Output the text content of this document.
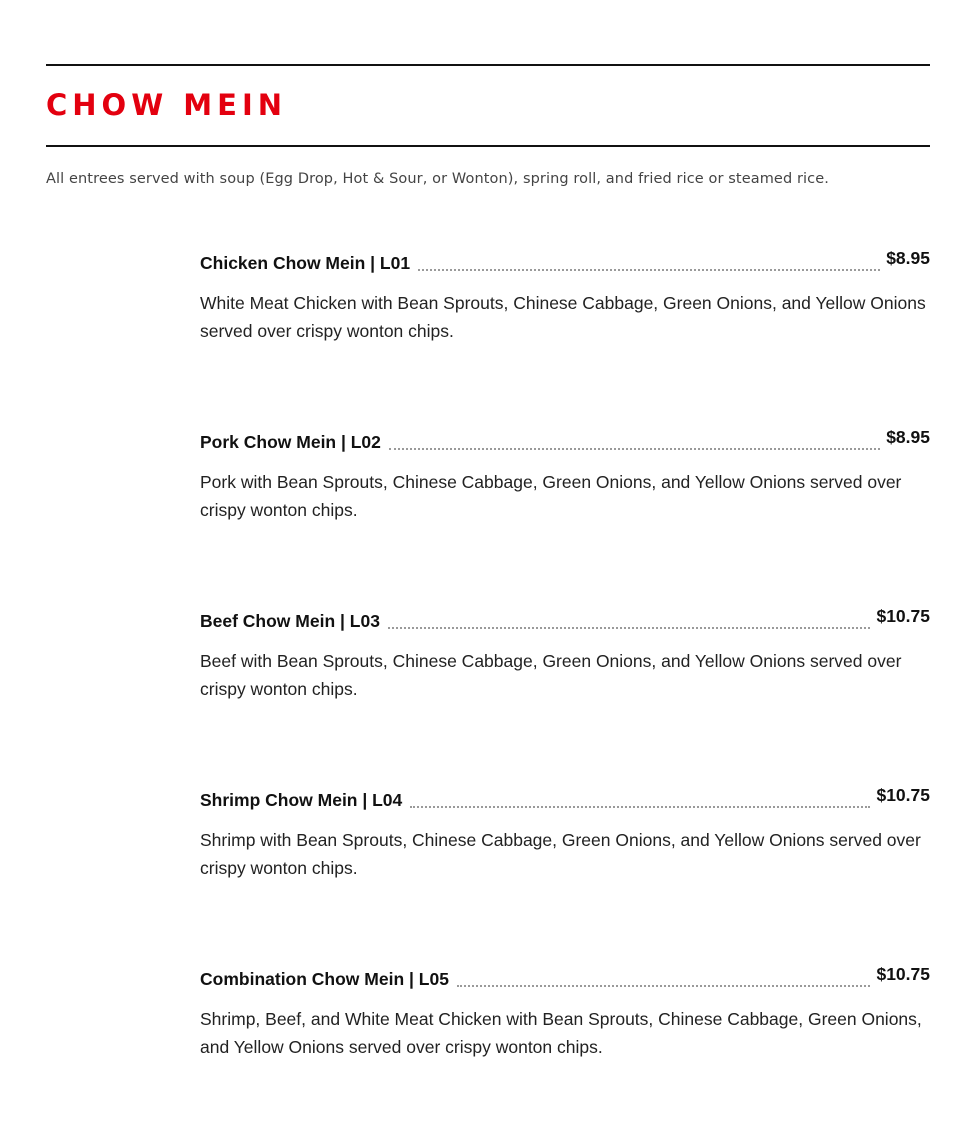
CHOW MEIN

All entrees served with soup (Egg Drop, Hot & Sour, or Wonton), spring roll, and fried rice or steamed rice.

Chicken Chow Mein | L01	$8.95

White Meat Chicken with Bean Sprouts, Chinese Cabbage, Green Onions, and Yellow Onions served over crispy wonton chips.

Pork Chow Mein | L02	$8.95

Pork with Bean Sprouts, Chinese Cabbage, Green Onions, and Yellow Onions served over crispy wonton chips.

Beef Chow Mein | L03	$10.75

Beef with Bean Sprouts, Chinese Cabbage, Green Onions, and Yellow Onions served over crispy wonton chips.

Shrimp Chow Mein | L04	$10.75

Shrimp with Bean Sprouts, Chinese Cabbage, Green Onions, and Yellow Onions served over crispy wonton chips.

Combination Chow Mein | L05	$10.75

Shrimp, Beef, and White Meat Chicken with Bean Sprouts, Chinese Cabbage, Green Onions, and Yellow Onions served over crispy wonton chips.
